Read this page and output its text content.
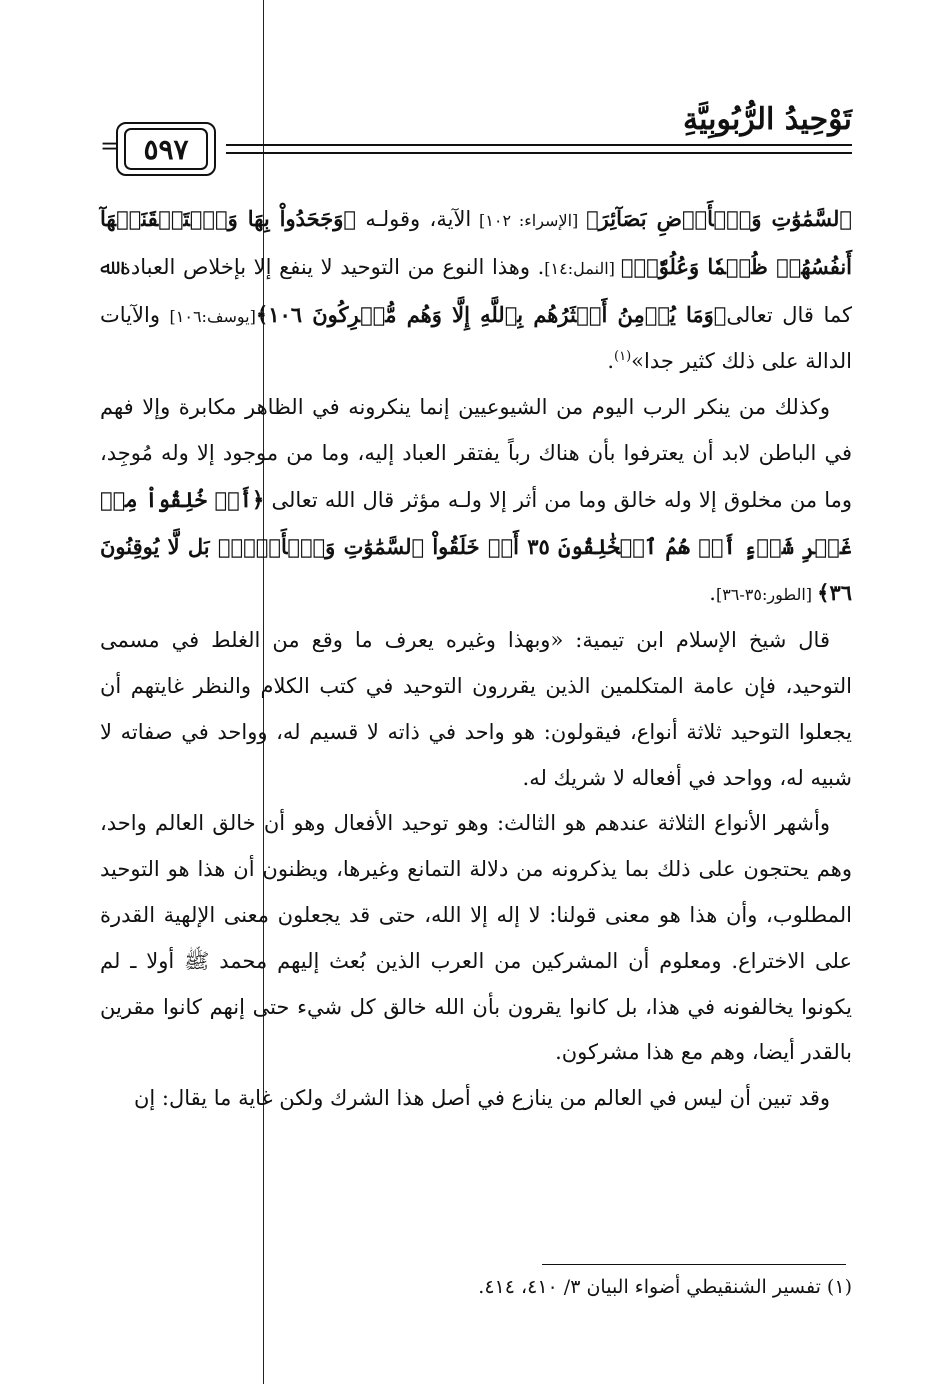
تَوْحِيدُ الرُّبُوبِيَّةِ
٥٩٧
=

ٱلسَّمَٰوَٰتِ وَٱلۡأَرۡضِ بَصَآئِرَ﴾ [الإسراء: ١٠٢] الآية، وقولـه ﴿وَجَحَدُواْ بِهَا وَٱسۡتَيۡقَنَتۡهَآ أَنفُسُهُمۡ ظُلۡمٗا وَعُلُوّٗاۚ﴾ [النمل:١٤]. وهذا النوع من التوحيد لا ينفع إلا بإخلاص العبادة ﷲ كما قال تعالى﴿وَمَا يُؤۡمِنُ أَكۡثَرُهُم بِٱللَّهِ إِلَّا وَهُم مُّشۡرِكُونَ ١٠٦﴾[يوسف:١٠٦] والآيات الدالة على ذلك كثير جدا»$^{(١)}$.

وكذلك من ينكر الرب اليوم من الشيوعيين إنما ينكرونه في الظاهر مكابرة وإلا فهم في الباطن لابد أن يعترفوا بأن هناك رباً يفتقر العباد إليه، وما من موجود إلا وله مُوجِد، وما من مخلوق إلا وله خالق وما من أثر إلا ولـه مؤثر قال الله تعالى ﴿أَمۡ خُلِقُواْ مِنۡ غَيۡرِ شَيۡءٍ أَمۡ هُمُ ٱلۡخَٰلِقُونَ ٣٥ أَمۡ خَلَقُواْ ٱلسَّمَٰوَٰتِ وَٱلۡأَرۡضَۚ بَل لَّا يُوقِنُونَ ٣٦﴾ [الطور:٣٥-٣٦].

قال شيخ الإسلام ابن تيمية: «وبهذا وغيره يعرف ما وقع من الغلط في مسمى التوحيد، فإن عامة المتكلمين الذين يقررون التوحيد في كتب الكلام والنظر غايتهم أن يجعلوا التوحيد ثلاثة أنواع، فيقولون: هو واحد في ذاته لا قسيم له، وواحد في صفاته لا شبيه له، وواحد في أفعاله لا شريك له.

وأشهر الأنواع الثلاثة عندهم هو الثالث: وهو توحيد الأفعال وهو أن خالق العالم واحد، وهم يحتجون على ذلك بما يذكرونه من دلالة التمانع وغيرها، ويظنون أن هذا هو التوحيد المطلوب، وأن هذا هو معنى قولنا: لا إله إلا الله، حتى قد يجعلون معنى الإلهية القدرة على الاختراع. ومعلوم أن المشركين من العرب الذين بُعث إليهم محمد ﷺ أولا ـ لم يكونوا يخالفونه في هذا، بل كانوا يقرون بأن الله خالق كل شيء حتى إنهم كانوا مقرين بالقدر أيضا، وهم مع هذا مشركون.

وقد تبين أن ليس في العالم من ينازع في أصل هذا الشرك ولكن غاية ما يقال: إن

(١) تفسير الشنقيطي أضواء البيان ٣/ ٤١٠، ٤١٤.
